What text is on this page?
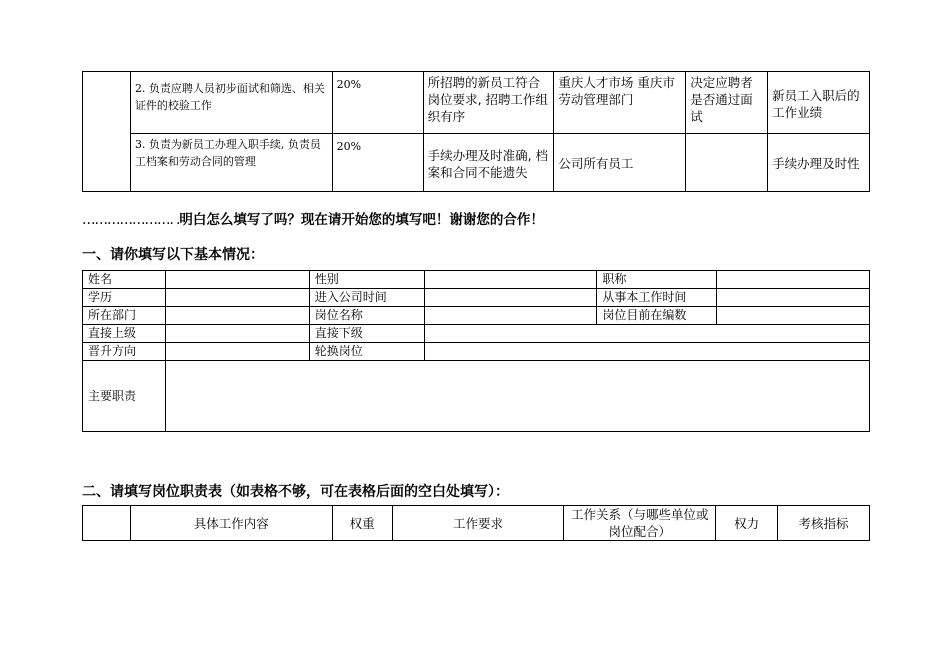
	2. 负责应聘人员初步面试和筛选、相关证件的校验工作	20%	所招聘的新员工符合岗位要求, 招聘工作组织有序	重庆人才市场 重庆市劳动管理部门	决定应聘者是否通过面试	新员工入职后的工作业绩
	3. 负责为新员工办理入职手续, 负责员工档案和劳动合同的管理	20%	手续办理及时准确, 档案和合同不能遗失	公司所有员工		手续办理及时性
…………………. .明白怎么填写了吗？现在请开始您的填写吧！谢谢您的合作！
一、请你填写以下基本情况：
姓名		性别		职称	
学历		进入公司时间		从事本工作时间	
所在部门		岗位名称		岗位目前在编数	
直接上级		直接下级			
晋升方向		轮换岗位			
主要职责					
二、请填写岗位职责表（如表格不够，可在表格后面的空白处填写）：
	具体工作内容	权重	工作要求	工作关系（与哪些单位或岗位配合）	权力	考核指标
